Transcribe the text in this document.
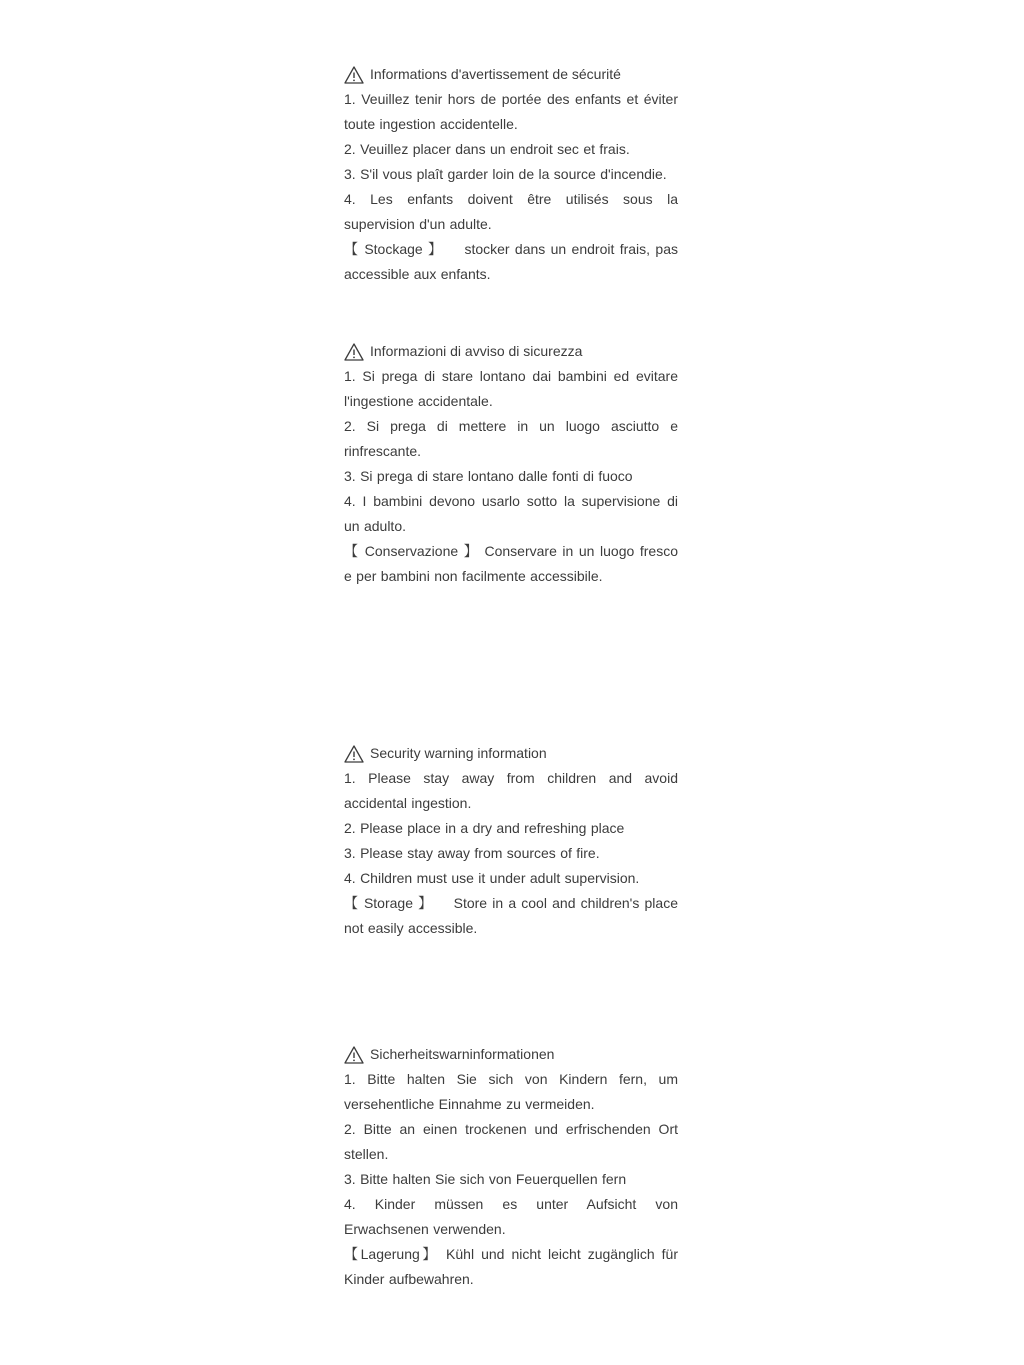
Informations d'avertissement de sécurité

1. Veuillez tenir hors de portée des enfants et éviter toute ingestion accidentelle.

2. Veuillez placer dans un endroit sec et frais.

3. S'il vous plaît garder loin de la source d'incendie.

4. Les enfants doivent être utilisés sous la supervision d'un adulte.

【 Stockage 】 stocker dans un endroit frais, pas accessible aux enfants.

Informazioni di avviso di sicurezza

1. Si prega di stare lontano dai bambini ed evitare l'ingestione accidentale.

2. Si prega di mettere in un luogo asciutto e rinfrescante.

3. Si prega di stare lontano dalle fonti di fuoco

4. I bambini devono usarlo sotto la supervisione di un adulto.

【 Conservazione 】 Conservare in un luogo fresco e per bambini non facilmente accessibile.

Security warning information

1. Please stay away from children and avoid accidental ingestion.

2. Please place in a dry and refreshing place

3. Please stay away from sources of fire.

4. Children must use it under adult supervision.

【 Storage 】 Store in a cool and children's place not easily accessible.

Sicherheitswarninformationen

1. Bitte halten Sie sich von Kindern fern, um versehentliche Einnahme zu vermeiden.

2. Bitte an einen trockenen und erfrischenden Ort stellen.

3. Bitte halten Sie sich von Feuerquellen fern

4. Kinder müssen es unter Aufsicht von Erwachsenen verwenden.

【Lagerung】 Kühl und nicht leicht zugänglich für Kinder aufbewahren.
